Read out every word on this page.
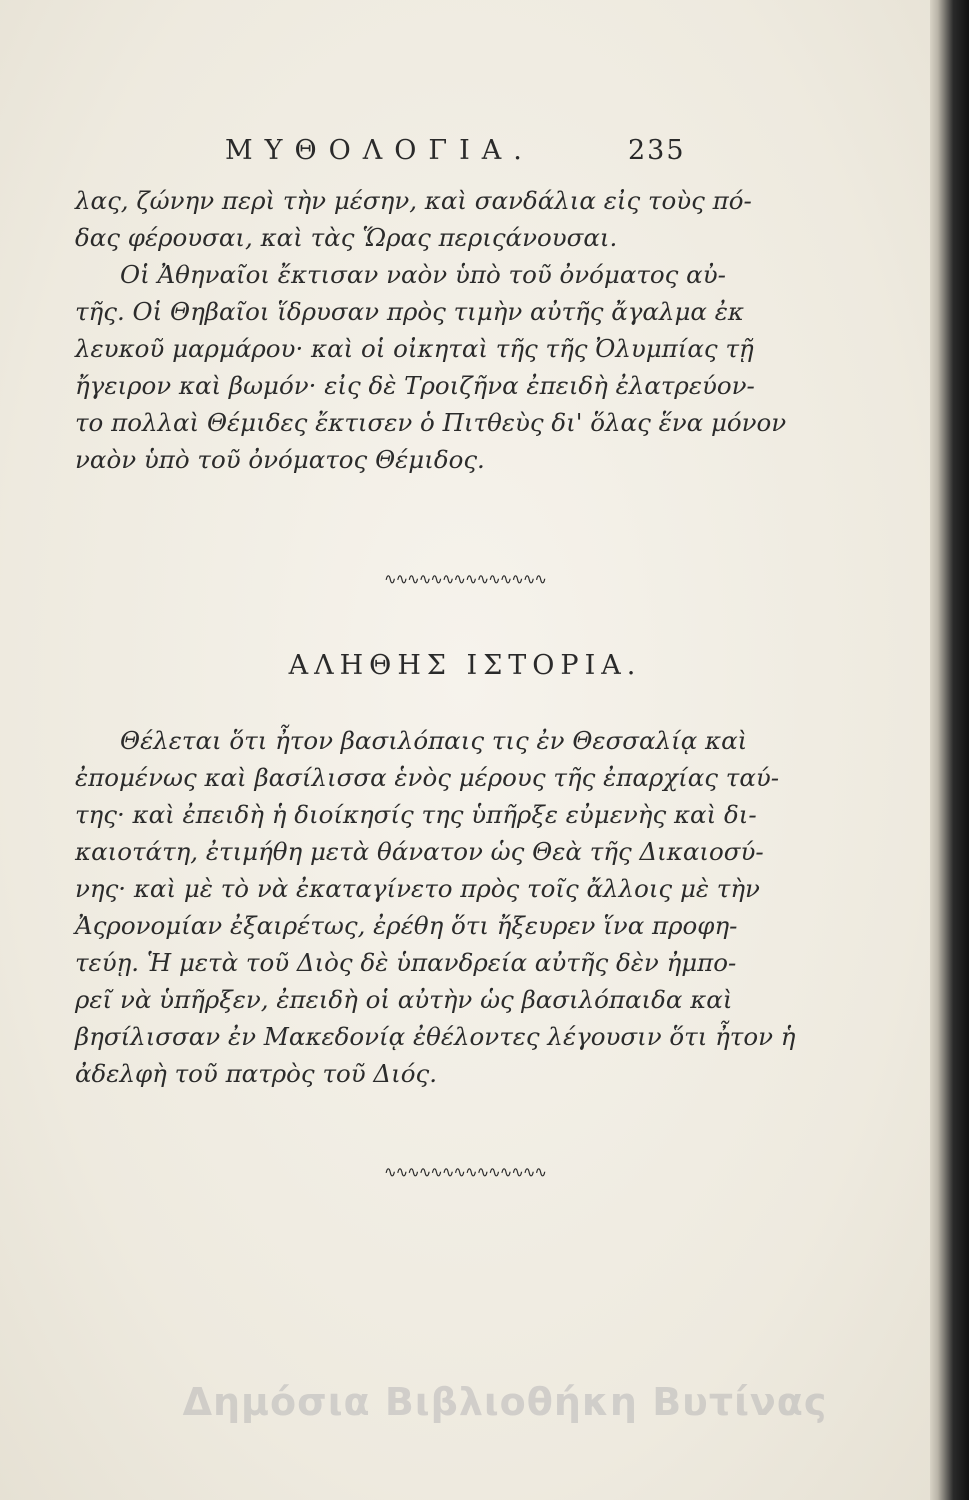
ΜΥΘΟΛΟΓΙΑ.	235
λας, ζώνην περὶ τὴν μέσην, καὶ σανδάλια εἰς τοὺς πό-
δας φέρουσαι, καὶ τὰς Ὥρας περιςάνουσαι.
Οἱ Ἀθηναῖοι ἔκτισαν ναὸν ὑπὸ τοῦ ὀνόματος αὐ-
τῆς. Οἱ Θηβαῖοι ἵδρυσαν πρὸς τιμὴν αὐτῆς ἄγαλμα ἐκ
λευκοῦ μαρμάρου· καὶ οἱ οἰκηταὶ τῆς τῆς Ὀλυμπίας τῇ
ἤγειρον καὶ βωμόν· εἰς δὲ Τροιζῆνα ἐπειδὴ ἐλατρεύον-
το πολλαὶ Θέμιδες ἔκτισεν ὁ Πιτθεὺς δι' ὅλας ἕνα μόνον
ναὸν ὑπὸ τοῦ ὀνόματος Θέμιδος.
∿∿∿∿∿∿∿∿∿∿∿∿∿∿
ΑΛΗΘΗΣ ΙΣΤΟΡΙΑ.
Θέλεται ὅτι ἦτον βασιλόπαις τις ἐν Θεσσαλίᾳ καὶ
ἐπομένως καὶ βασίλισσα ἑνὸς μέρους τῆς ἐπαρχίας ταύ-
της· καὶ ἐπειδὴ ἡ διοίκησίς της ὑπῆρξε εὐμενὴς καὶ δι-
καιοτάτη, ἐτιμήθη μετὰ θάνατον ὡς Θεὰ τῆς Δικαιοσύ-
νης· καὶ μὲ τὸ νὰ ἐκαταγίνετο πρὸς τοῖς ἄλλοις μὲ τὴν
Ἀςρονομίαν ἐξαιρέτως, ἐρέθη ὅτι ἤξευρεν ἵνα προφη-
τεύῃ. Ἡ μετὰ τοῦ Διὸς δὲ ὑπανδρεία αὐτῆς δὲν ἠμπο-
ρεῖ νὰ ὑπῆρξεν, ἐπειδὴ οἱ αὐτὴν ὡς βασιλόπαιδα καὶ
βησίλισσαν ἐν Μακεδονίᾳ ἐθέλοντες λέγουσιν ὅτι ἦτον ἡ
ἀδελφὴ τοῦ πατρὸς τοῦ Διός.
∿∿∿∿∿∿∿∿∿∿∿∿∿∿
Δημόσια Βιβλιοθήκη Βυτίνας
